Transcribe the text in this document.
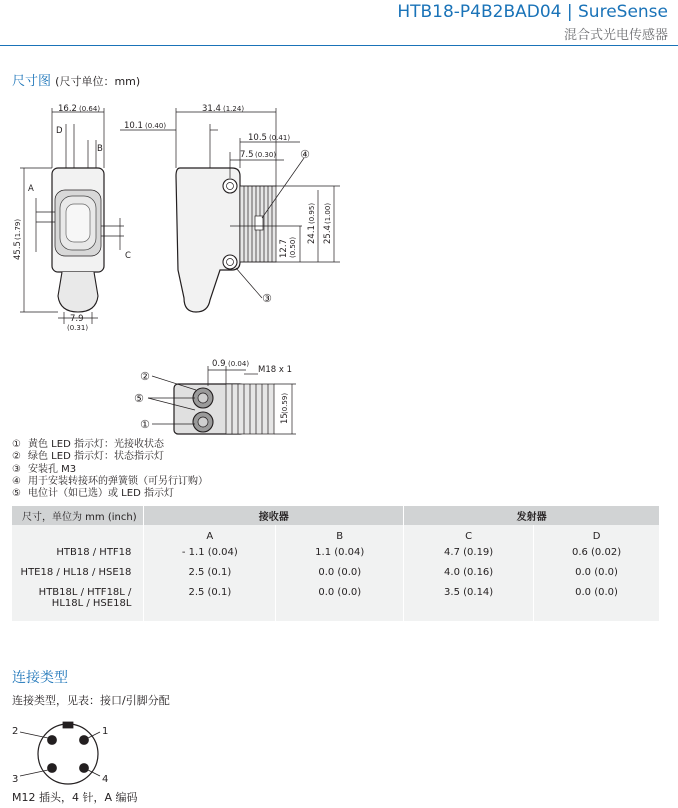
HTB18-P4B2BAD04 | SureSense
混合式光电传感器
尺寸图 (尺寸单位：mm)
16.2 (0.64)
D
B
A
C
45.5
(1.79)
7.9
(0.31)
31.4 (1.24)
10.1 (0.40)
10.5 (0.41)
7.5 (0.30)
12.7 (0.50)
24.1
(0.95)
25.4
(1.00)
④
③
0.9 (0.04)
M18 x 1
15
(0.59)
②
⑤
①
① 黄色 LED 指示灯：光接收状态
② 绿色 LED 指示灯：状态指示灯
③ 安装孔 M3
④ 用于安装转接环的弹簧锁（可另行订购）
⑤ 电位计（如已选）或 LED 指示灯
尺寸，单位为 mm (inch)	接收器		发射器	
	A	B	C	D
HTB18 / HTF18	- 1.1 (0.04)	1.1 (0.04)	4.7 (0.19)	0.6 (0.02)
HTE18 / HL18 / HSE18	2.5 (0.1)	0.0 (0.0)	4.0 (0.16)	0.0 (0.0)

HTB18L / HTF18L /
HL18L / HSE18L	2.5 (0.1)	0.0 (0.0)	3.5 (0.14)	0.0 (0.0)
连接类型
连接类型，见表：接口/引脚分配
2	1
3	4
M12 插头，4 针，A 编码
